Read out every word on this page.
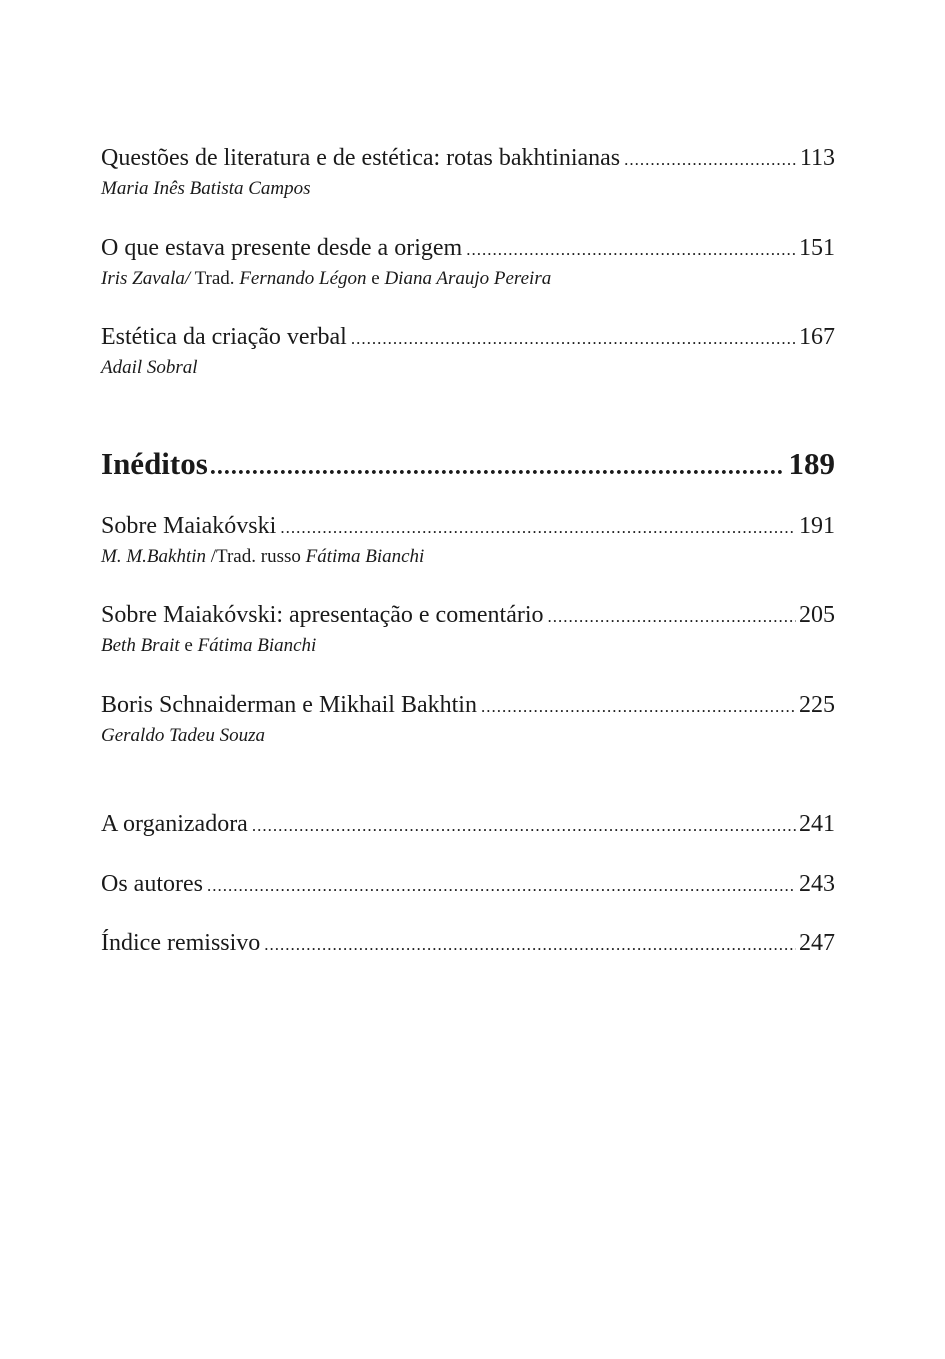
Questões de literatura e de estética: rotas bakhtinianas .....	113
Maria Inês Batista Campos
O que estava presente desde a origem .....	151
Iris Zavala/ Trad. Fernando Légon e Diana Araujo Pereira
Estética da criação verbal .....	167
Adail Sobral
Inéditos .....	189
Sobre Maiakóvski .....	191
M. M.Bakhtin /Trad. russo Fátima Bianchi
Sobre Maiakóvski: apresentação e comentário .....	205
Beth Brait e Fátima Bianchi
Boris Schnaiderman e Mikhail Bakhtin .....	225
Geraldo Tadeu Souza
A organizadora .....	241
Os autores .....	243
Índice remissivo .....	247
